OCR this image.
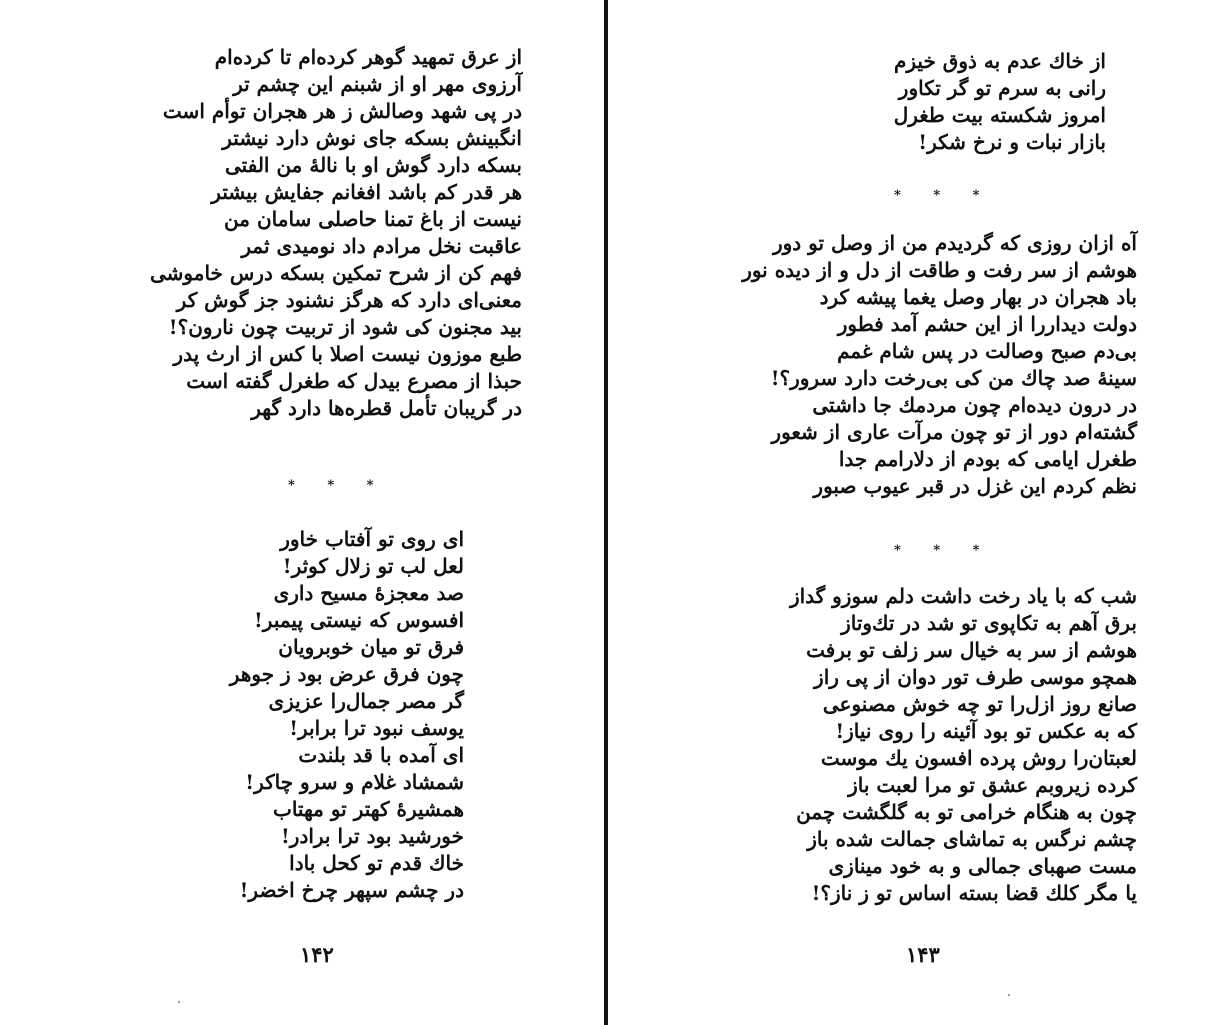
از عرق تمهید گوهر کرده‌ام تا کرده‌ام
آرزوی مهر او از شبنم این چشم تر
در پی شهد وصالش ز هر هجران توأم است
انگبینش بسکه جای نوش دارد نیشتر
بسکه دارد گوش او با نالهٔ من الفتی
هر قدر کم باشد افغانم جفایش بیشتر
نیست از باغ تمنا حاصلی سامان من
عاقبت نخل مرادم داد نومیدی ثمر
فهم کن از شرح تمکین بسکه درس خاموشی
معنی‌ای دارد که هرگز نشنود جز گوش کر
بید مجنون کی شود از تربیت چون نارون؟!
طبع موزون نیست اصلا با کس از ارث پدر
حبذا از مصرع بیدل که طغرل گفته است
در گریبان تأمل قطره‌ها دارد گهر
* * *
ای روی تو آفتاب خاور
لعل لب تو زلال کوثر!
صد معجزهٔ مسیح داری
افسوس که نیستی پیمبر!
فرق تو میان خوبرویان
چون فرق عرض بود ز جوهر
گر مصر جمال‌را عزیزی
یوسف نبود ترا برابر!
ای آمده با قد بلندت
شمشاد غلام و سرو چاکر!
همشیرهٔ کهتر تو مهتاب
خورشید بود ترا برادر!
خاك قدم تو کحل بادا
در چشم سپهر چرخ اخضر!
۱۴۲
از خاك عدم به ذوق خیزم
رانی به سرم تو گر تکاور
امروز شکسته بیت طغرل
بازار نبات و نرخ شکر!
* * *
آه ازان روزی که گردیدم من از وصل تو دور
هوشم از سر رفت و طاقت از دل و از دیده نور
باد هجران در بهار وصل یغما پیشه کرد
دولت دیداررا از این حشم آمد فطور
بی‌دم صبح وصالت در پس شام غمم
سینهٔ صد چاك من کی بی‌رخت دارد سرور؟!
در درون دیده‌ام چون مردمك جا داشتی
گشته‌ام دور از تو چون مرآت عاری از شعور
طغرل ایامی که بودم از دلارامم جدا
نظم کردم این غزل در قبر عیوب صبور
* * *
شب که با یاد رخت داشت دلم سوزو گداز
برق آهم به تکاپوی تو شد در تك‌وتاز
هوشم از سر به خیال سر زلف تو برفت
همچو موسی طرف تور دوان از پی راز
صانع روز ازل‌را تو چه خوش مصنوعی
که به عکس تو بود آئینه را روی نیاز!
لعبتان‌را روش پرده افسون یك موست
کرده زیروبم عشق تو مرا لعبت باز
چون به هنگام خرامی تو به گلگشت چمن
چشم نرگس به تماشای جمالت شده باز
مست صهبای جمالی و به خود مینازی
یا مگر کلك قضا بسته اساس تو ز ناز؟!
۱۴۳
